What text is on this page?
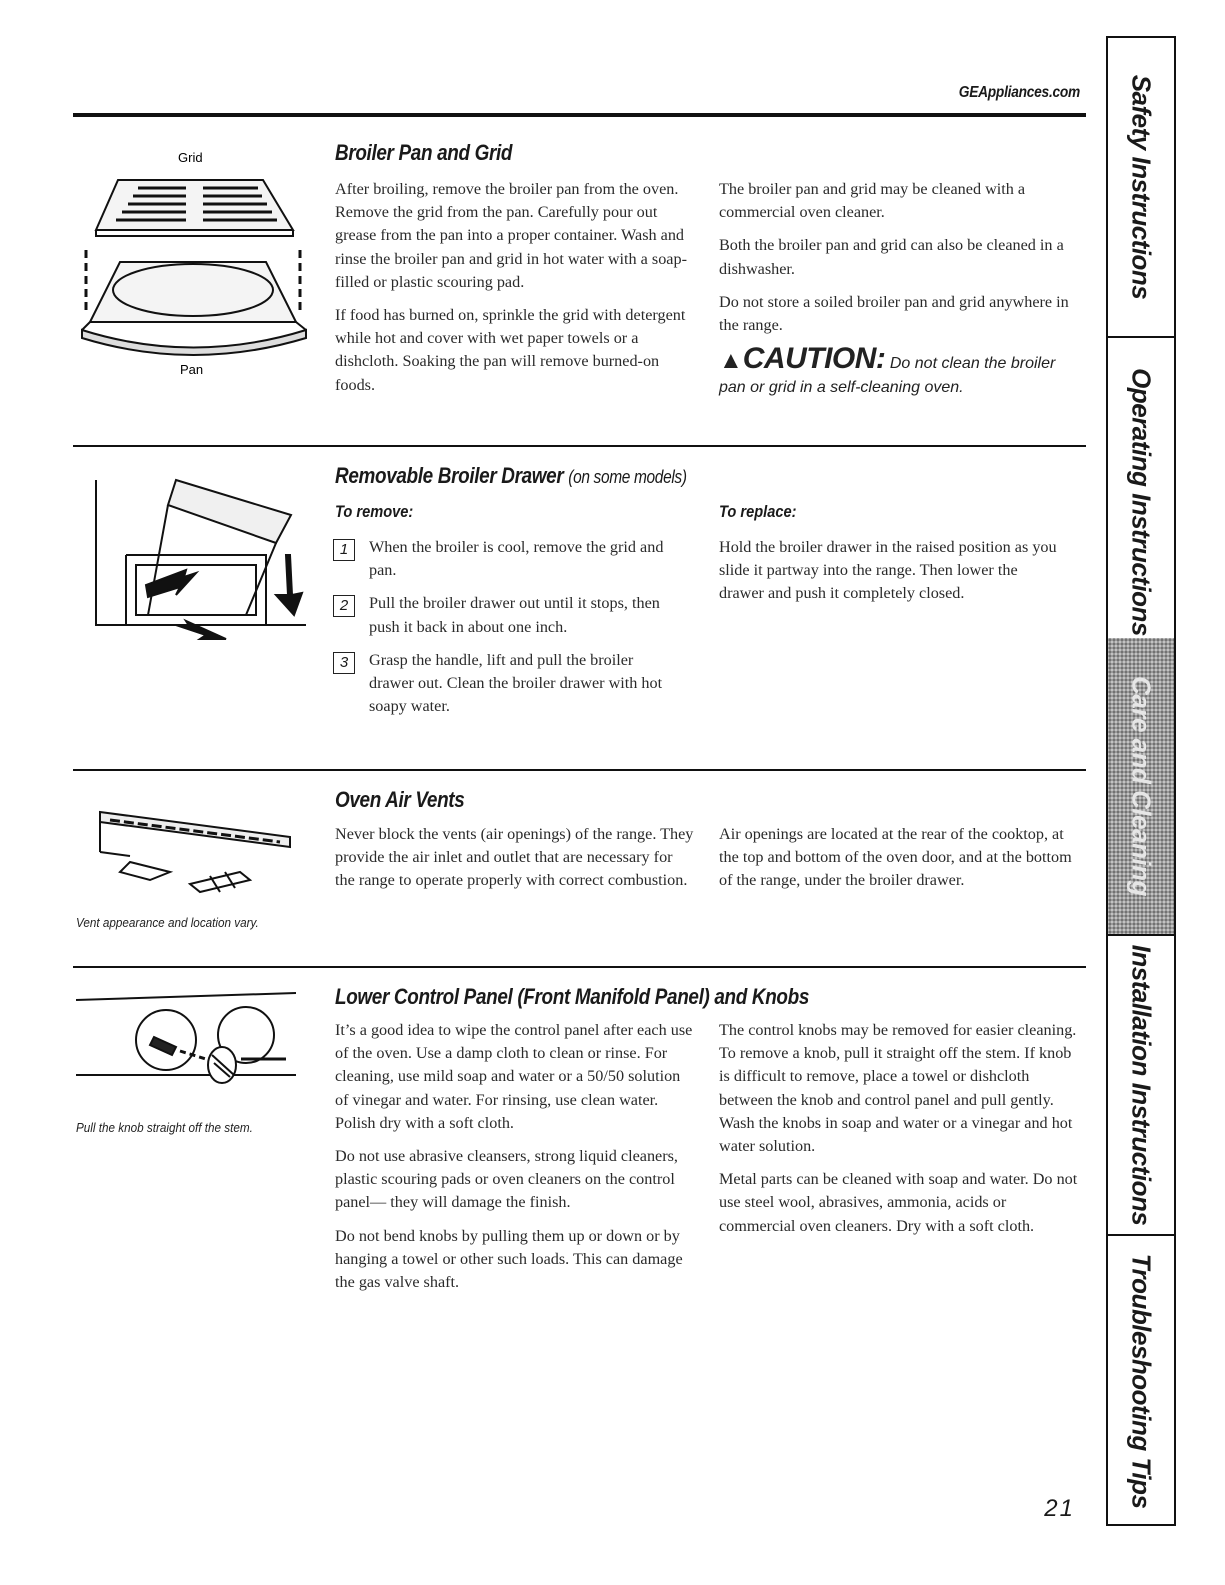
GEAppliances.com
Grid
Pan
Broiler Pan and Grid

After broiling, remove the broiler pan from the oven. Remove the grid from the pan. Carefully pour out grease from the pan into a proper container. Wash and rinse the broiler pan and grid in hot water with a soap-filled or plastic scouring pad.

If food has burned on, sprinkle the grid with detergent while hot and cover with wet paper towels or a dishcloth. Soaking the pan will remove burned-on foods.

The broiler pan and grid may be cleaned with a commercial oven cleaner.

Both the broiler pan and grid can also be cleaned in a dishwasher.

Do not store a soiled broiler pan and grid anywhere in the range.

▲CAUTION: Do not clean the broiler pan or grid in a self-cleaning oven.
Removable Broiler Drawer (on some models)
To remove:	To replace:
1	When the broiler is cool, remove the grid and pan.

2	Pull the broiler drawer out until it stops, then push it back in about one inch.

3	Grasp the handle, lift and pull the broiler drawer out. Clean the broiler drawer with hot soapy water.

Hold the broiler drawer in the raised position as you slide it partway into the range. Then lower the drawer and push it completely closed.

Vent appearance and location vary.
Oven Air Vents

Never block the vents (air openings) of the range. They provide the air inlet and outlet that are necessary for the range to operate properly with correct combustion.

Air openings are located at the rear of the cooktop, at the top and bottom of the oven door, and at the bottom of the range, under the broiler drawer.

Pull the knob straight off the stem.
Lower Control Panel (Front Manifold Panel) and Knobs

It’s a good idea to wipe the control panel after each use of the oven. Use a damp cloth to clean or rinse. For cleaning, use mild soap and water or a 50/50 solution of vinegar and water. For rinsing, use clean water. Polish dry with a soft cloth.

Do not use abrasive cleansers, strong liquid cleaners, plastic scouring pads or oven cleaners on the control panel— they will damage the finish.

Do not bend knobs by pulling them up or down or by hanging a towel or other such loads. This can damage the gas valve shaft.

The control knobs may be removed for easier cleaning. To remove a knob, pull it straight off the stem. If knob is difficult to remove, place a towel or dishcloth between the knob and control panel and pull gently. Wash the knobs in soap and water or a vinegar and hot water solution.

Metal parts can be cleaned with soap and water. Do not use steel wool, abrasives, ammonia, acids or commercial oven cleaners. Dry with a soft cloth.

21
Safety Instructions
Operating Instructions
Care and Cleaning
Installation Instructions
Troubleshooting Tips
